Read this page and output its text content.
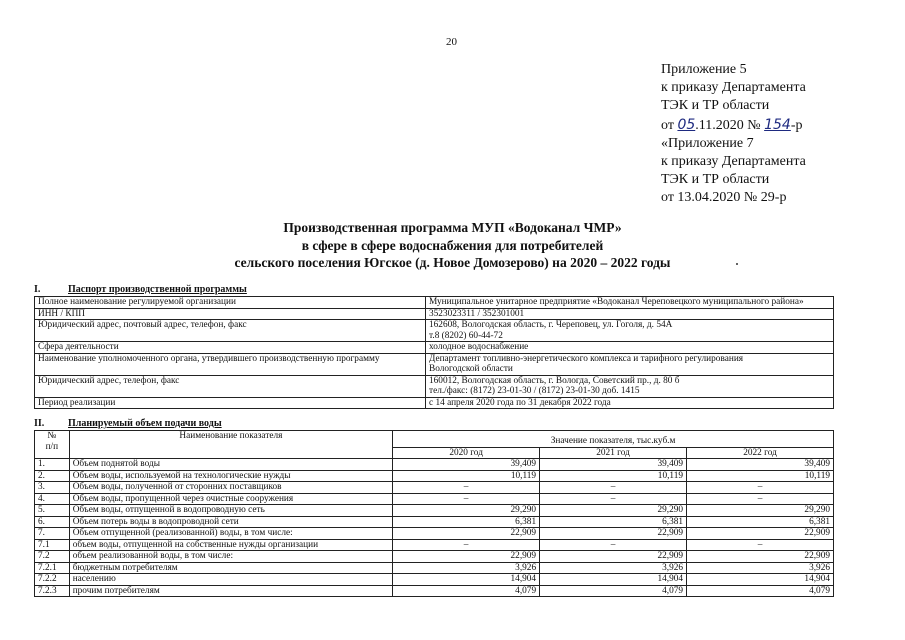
20
Приложение 5
к приказу Департамента
ТЭК и ТР области
от 05.11.2020 № 154-р
«Приложение 7
к приказу Департамента
ТЭК и ТР области
от 13.04.2020 № 29-р
Производственная программа МУП «Водоканал ЧМР»
в сфере в сфере водоснабжения для потребителей
сельского поселения Югское (д. Новое Домозерово) на 2020 – 2022 годы
I.	Паспорт производственной программы
Полное наименование регулируемой организации	Муниципальное унитарное предприятие «Водоканал Череповецкого муниципального района»

ИНН / КПП	3523023311 / 352301001

Юридический адрес, почтовый адрес, телефон, факс	162608, Вологодская область, г. Череповец, ул. Гоголя, д. 54А
т.8 (8202) 60-44-72

Сфера деятельности	холодное водоснабжение

Наименование уполномоченного органа, утвердившего производственную программу	Департамент топливно-энергетического комплекса и тарифного регулирования
Вологодской области

Юридический адрес, телефон, факс	160012, Вологодская область, г. Вологда, Советский пр., д. 80 б
тел./факс: (8172) 23-01-30 / (8172) 23-01-30 доб. 1415

Период реализации	с 14 апреля 2020 года по 31 декабря 2022 года
II. Планируемый объем подачи воды
№
п/п	Наименование показателя	Значение показателя, тыс.куб.м		
		2020 год	2021 год	2022 год
1.	Объем поднятой воды	39,409	39,409	39,409
2.	Объем воды, используемой на технологические нужды	10,119	10,119	10,119
3.	Объем воды, полученной от сторонних поставщиков	–	–	–
4.	Объем воды, пропущенной через очистные сооружения	–	–	–
5.	Объем воды, отпущенной в водопроводную сеть	29,290	29,290	29,290
6.	Объем потерь воды в водопроводной сети	6,381	6,381	6,381
7.	Объем отпущенной (реализованной) воды, в том числе:	22,909	22,909	22,909
7.1	объем воды, отпущенной на собственные нужды организации	–	–	–
7.2	объем реализованной воды, в том числе:	22,909	22,909	22,909
7.2.1	бюджетным потребителям	3,926	3,926	3,926
7.2.2	населению	14,904	14,904	14,904
7.2.3	прочим потребителям	4,079	4,079	4,079
